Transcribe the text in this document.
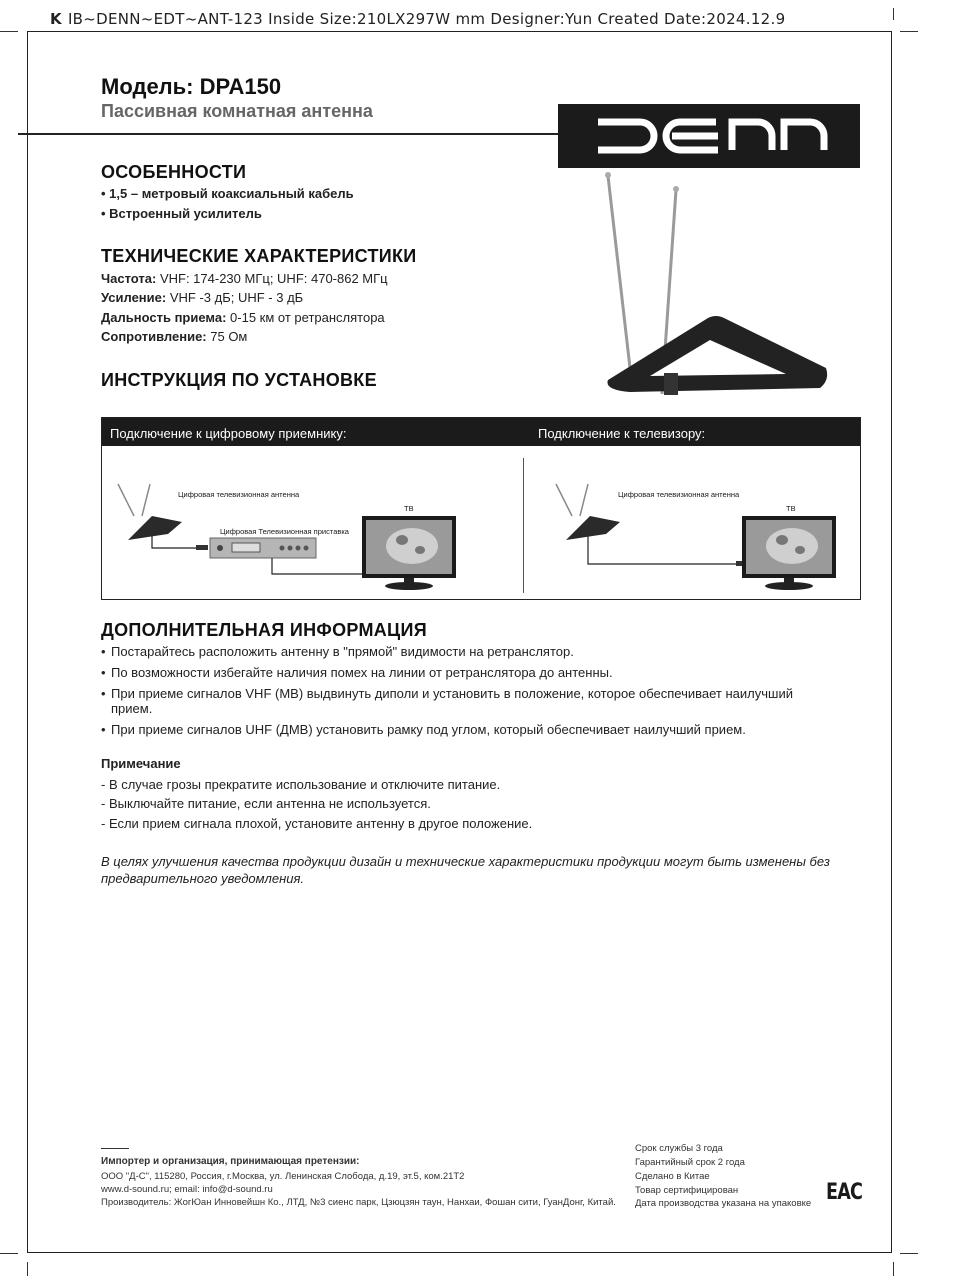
K IB~DENN~EDT~ANT-123 Inside Size:210LX297W mm Designer:Yun Created Date:2024.12.9
Модель: DPA150
Пассивная комнатная антенна
ОСОБЕННОСТИ
• 1,5 – метровый коаксиальный кабель
• Встроенный усилитель
ТЕХНИЧЕСКИЕ ХАРАКТЕРИСТИКИ
Частота: VHF: 174-230 МГц; UHF: 470-862 МГц
Усиление: VHF -3 дБ; UHF - 3 дБ
Дальность приема: 0-15 км от ретранслятора
Сопротивление: 75 Ом
ИНСТРУКЦИЯ ПО УСТАНОВКЕ
Подключение к цифровому приемнику:	Подключение к телевизору:
Цифровая телевизионная антенна
Цифровая Телевизионная приставка
ТВ
Цифровая телевизионная антенна
ТВ
ДОПОЛНИТЕЛЬНАЯ ИНФОРМАЦИЯ
• Постарайтесь расположить антенну в "прямой" видимости на ретранслятор.
• По возможности избегайте наличия помех на линии от ретранслятора до антенны.
• При приеме сигналов VHF (МВ) выдвинуть диполи и установить в положение, которое обеспечивает наилучший прием.
• При приеме сигналов UHF (ДМВ) установить рамку под углом, который обеспечивает наилучший прием.
Примечание
- В случае грозы прекратите использование и отключите питание.
- Выключайте питание, если антенна не используется.
- Если прием сигнала плохой, установите антенну в другое положение.
В целях улучшения качества продукции дизайн и технические характеристики продукции могут быть изменены без предварительного уведомления.
Импортер и организация, принимающая претензии:
ООО "Д-С", 115280, Россия, г.Москва, ул. Ленинская Слобода, д.19, эт.5, ком.21Т2
www.d-sound.ru; email: info@d-sound.ru
Производитель: ЖогЮан Инновейшн Ко., ЛТД, №3 сиенс парк, Цзюцзян таун, Нанхаи, Фошан сити, ГуанДонг, Китай.
Срок службы 3 года
Гарантийный срок 2 года
Сделано в Китае
Товар сертифицирован
Дата производства указана на упаковке EAC
